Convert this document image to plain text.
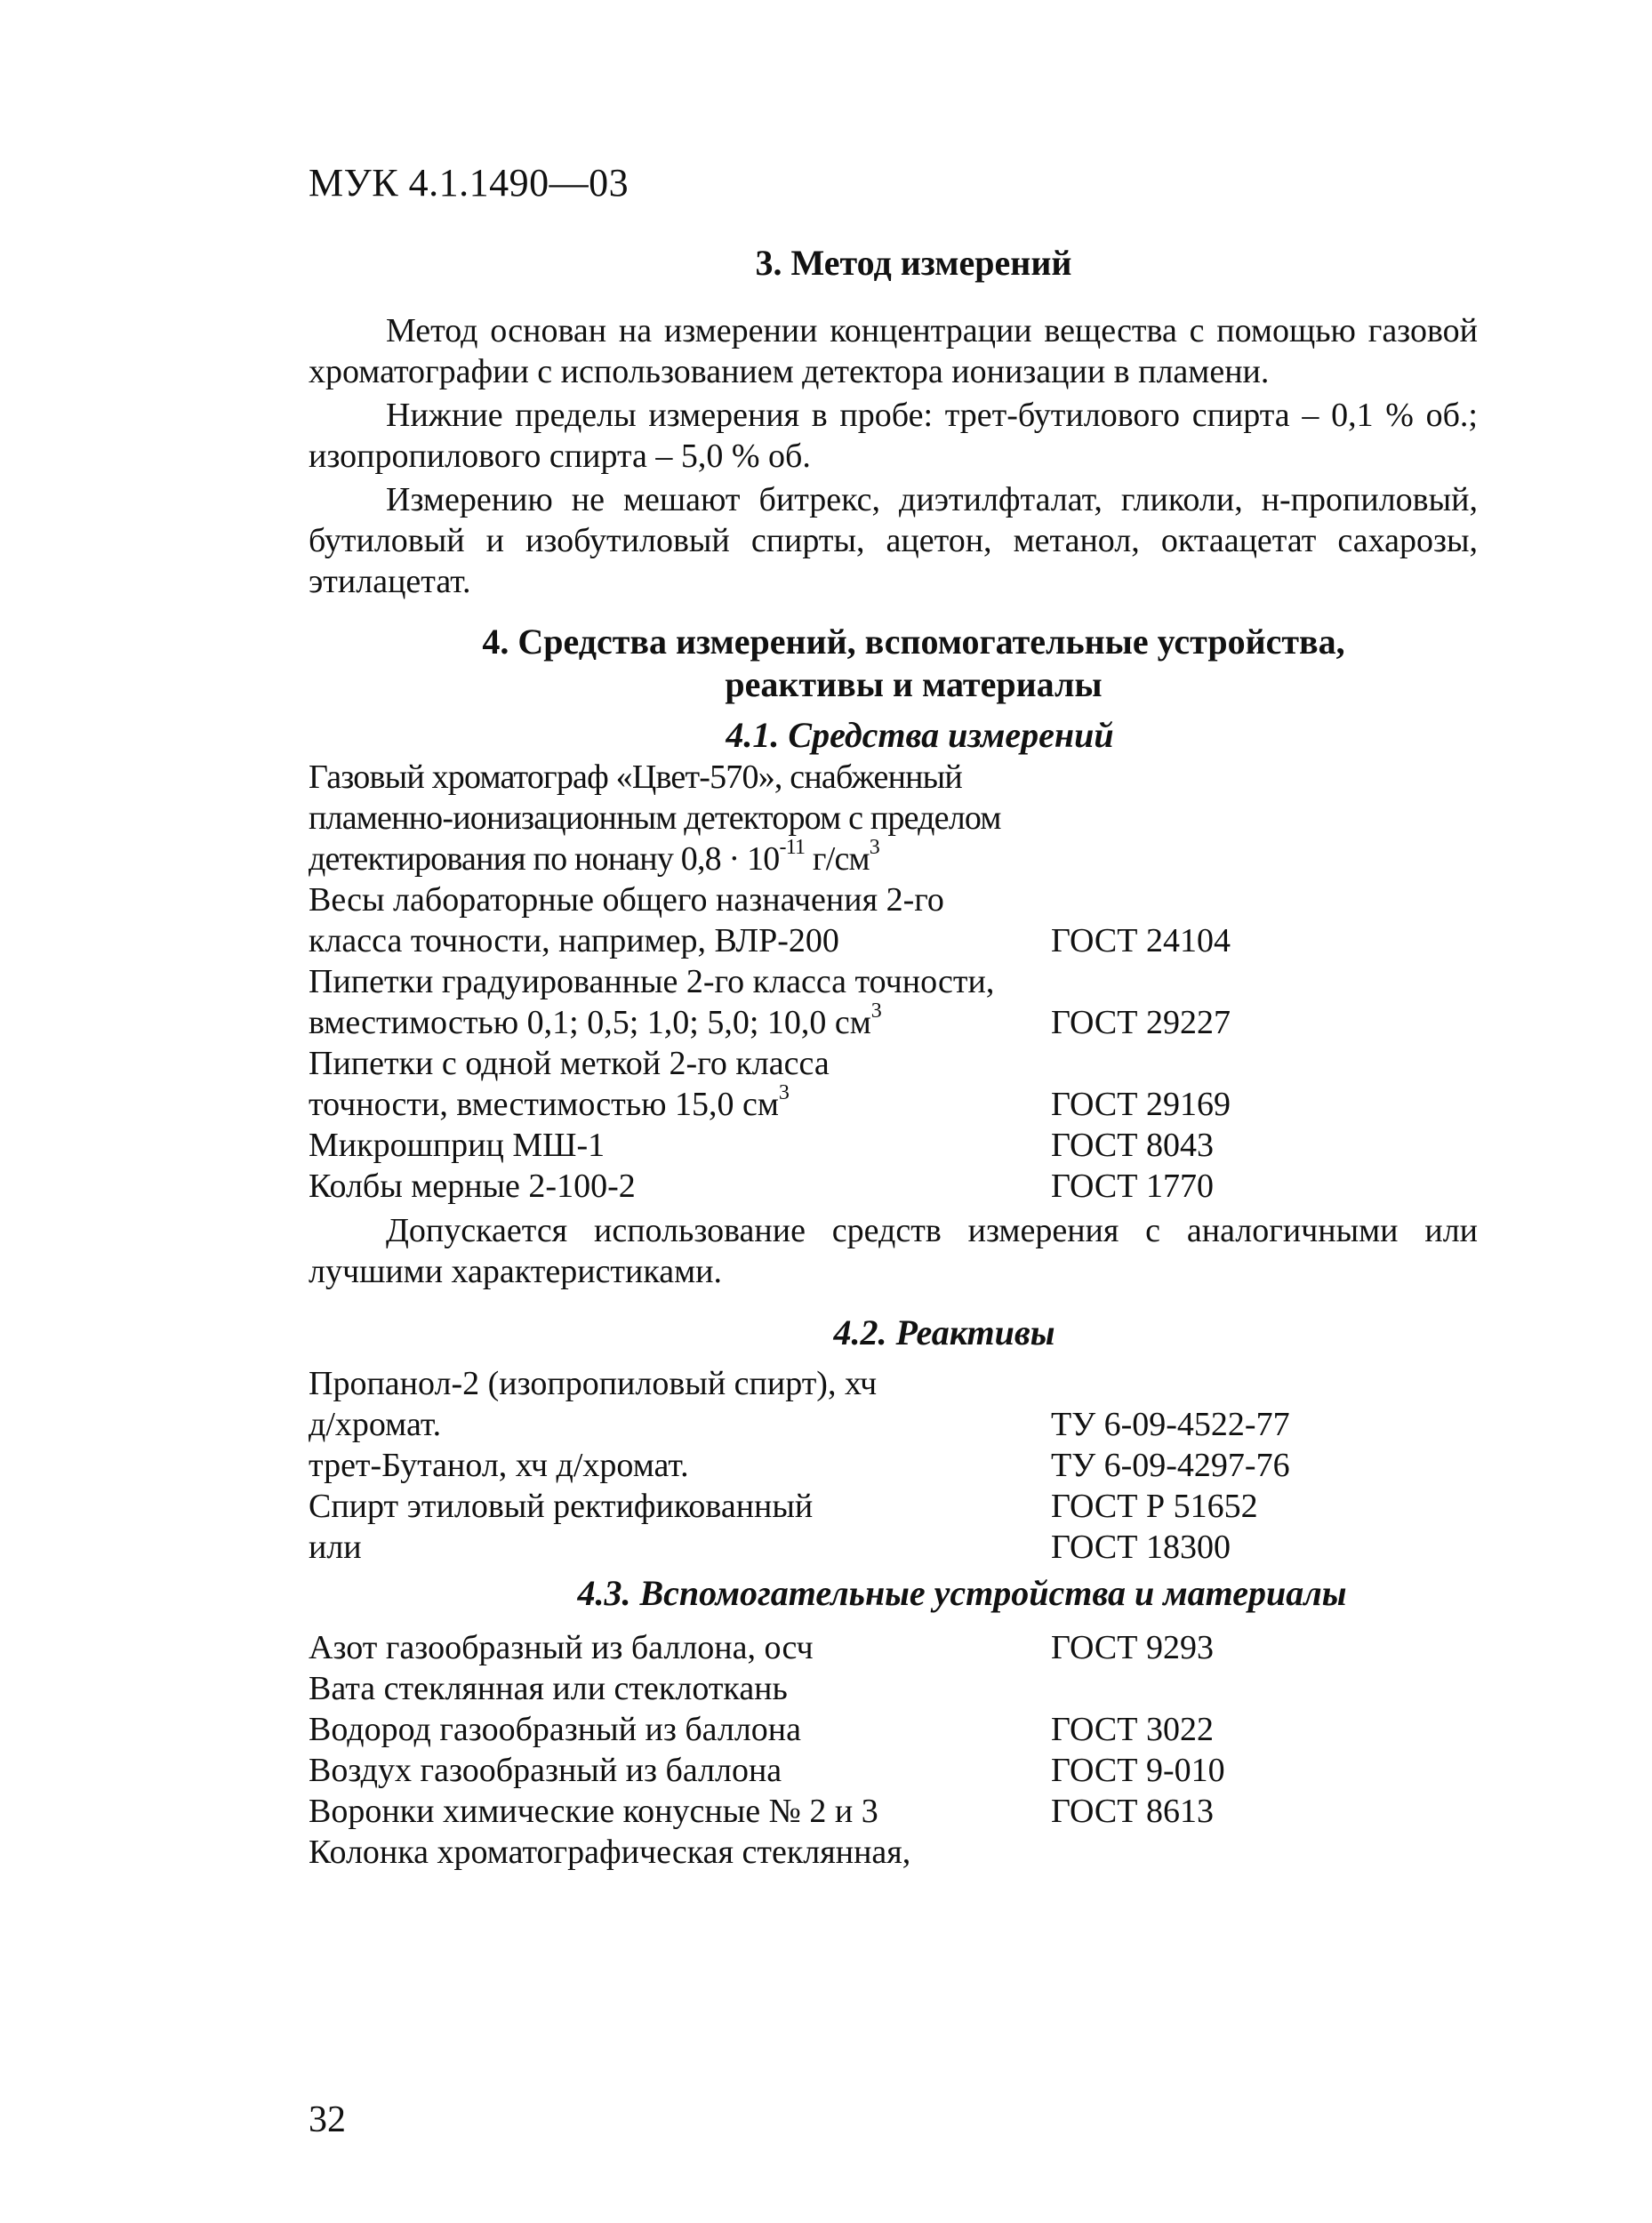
МУК 4.1.1490—03
3. Метод измерений

Метод основан на измерении концентрации вещества с помощью газовой хроматографии с использованием детектора ионизации в пламени.

Нижние пределы измерения в пробе: трет-бутилового спирта – 0,1 % об.; изопропилового спирта – 5,0 % об.

Измерению не мешают битрекс, диэтилфталат, гликоли, н-пропиловый, бутиловый и изобутиловый спирты, ацетон, метанол, октаацетат сахарозы, этилацетат.

4. Средства измерений, вспомогательные устройства,
реактивы и материалы
4.1. Средства измерений
Газовый хроматограф «Цвет-570», снабженный
пламенно-ионизационным детектором с пределом
детектирования по нонану $0,8 \cdot 10^{-11}$ $г/см^3$
Весы лабораторные общего назначения 2-го
класса точности, например, ВЛР-200	ГОСТ 24104
Пипетки градуированные 2-го класса точности,
вместимостью 0,1; 0,5; 1,0; 5,0; 10,0 $см^3$	ГОСТ 29227
Пипетки с одной меткой 2-го класса
точности, вместимостью 15,0 $см^3$	ГОСТ 29169
Микрошприц МШ-1	ГОСТ 8043
Колбы мерные 2-100-2	ГОСТ 1770

Допускается использование средств измерения с аналогичными или лучшими характеристиками.

4.2. Реактивы
Пропанол-2 (изопропиловый спирт), хч
д/хромат.	ТУ 6-09-4522-77
трет-Бутанол, хч д/хромат.	ТУ 6-09-4297-76
Спирт этиловый ректификованный	ГОСТ Р 51652
или	ГОСТ 18300
4.3. Вспомогательные устройства и материалы
Азот газообразный из баллона, осч	ГОСТ 9293
Вата стеклянная или стеклоткань
Водород газообразный из баллона	ГОСТ 3022
Воздух газообразный из баллона	ГОСТ 9-010
Воронки химические конусные № 2 и 3	ГОСТ 8613
Колонка хроматографическая стеклянная,
32
